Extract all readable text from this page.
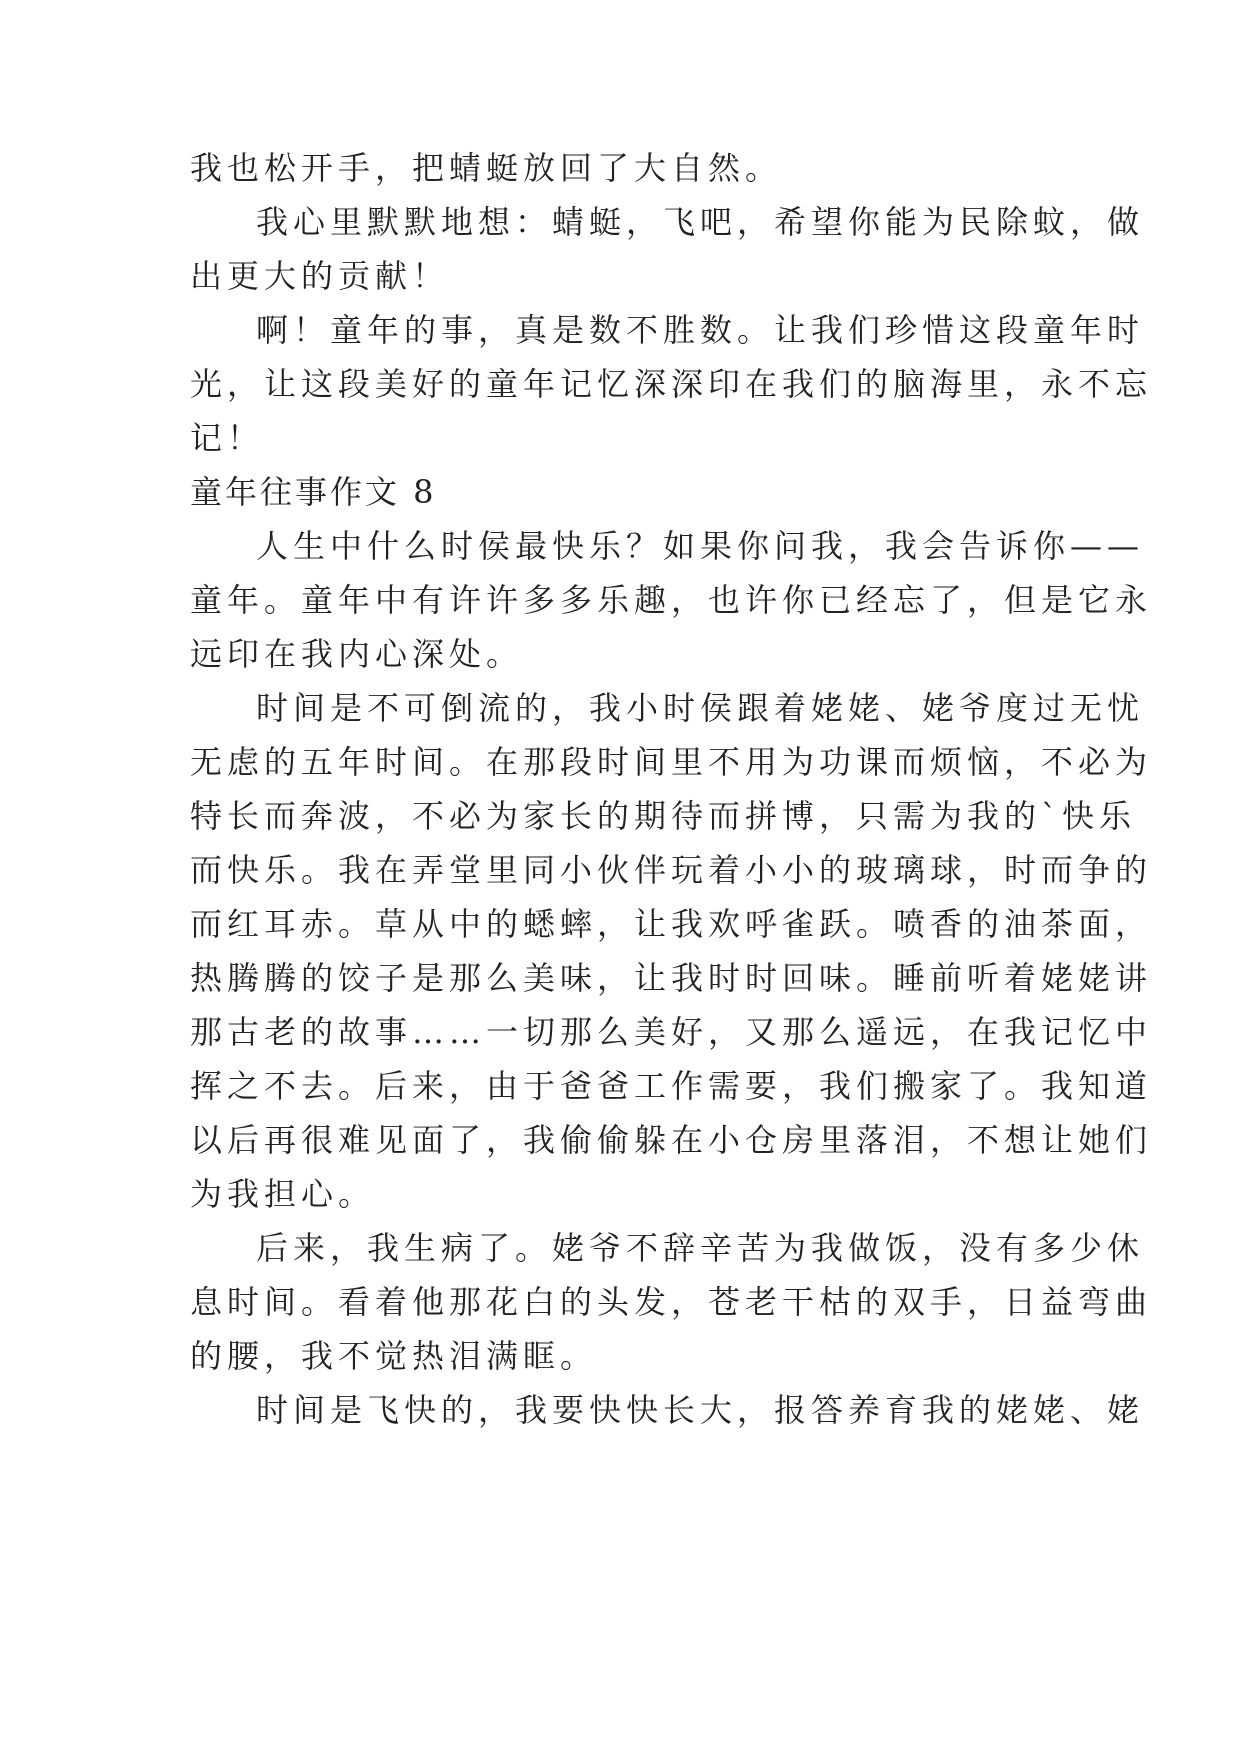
我也松开手，把蜻蜓放回了大自然。
我心里默默地想：蜻蜓，飞吧，希望你能为民除蚊，做
出更大的贡献！
啊！童年的事，真是数不胜数。让我们珍惜这段童年时
光，让这段美好的童年记忆深深印在我们的脑海里，永不忘
记！
童年往事作文 8
人生中什么时侯最快乐？如果你问我，我会告诉你——
童年。童年中有许许多多乐趣，也许你已经忘了，但是它永
远印在我内心深处。
时间是不可倒流的，我小时侯跟着姥姥、姥爷度过无忧
无虑的五年时间。在那段时间里不用为功课而烦恼，不必为
特长而奔波，不必为家长的期待而拼博，只需为我的`快乐
而快乐。我在弄堂里同小伙伴玩着小小的玻璃球，时而争的
而红耳赤。草从中的蟋蟀，让我欢呼雀跃。喷香的油茶面，
热腾腾的饺子是那么美味，让我时时回味。睡前听着姥姥讲
那古老的故事……一切那么美好，又那么遥远，在我记忆中
挥之不去。后来，由于爸爸工作需要，我们搬家了。我知道
以后再很难见面了，我偷偷躲在小仓房里落泪，不想让她们
为我担心。
后来，我生病了。姥爷不辞辛苦为我做饭，没有多少休
息时间。看着他那花白的头发，苍老干枯的双手，日益弯曲
的腰，我不觉热泪满眶。
时间是飞快的，我要快快长大，报答养育我的姥姥、姥
